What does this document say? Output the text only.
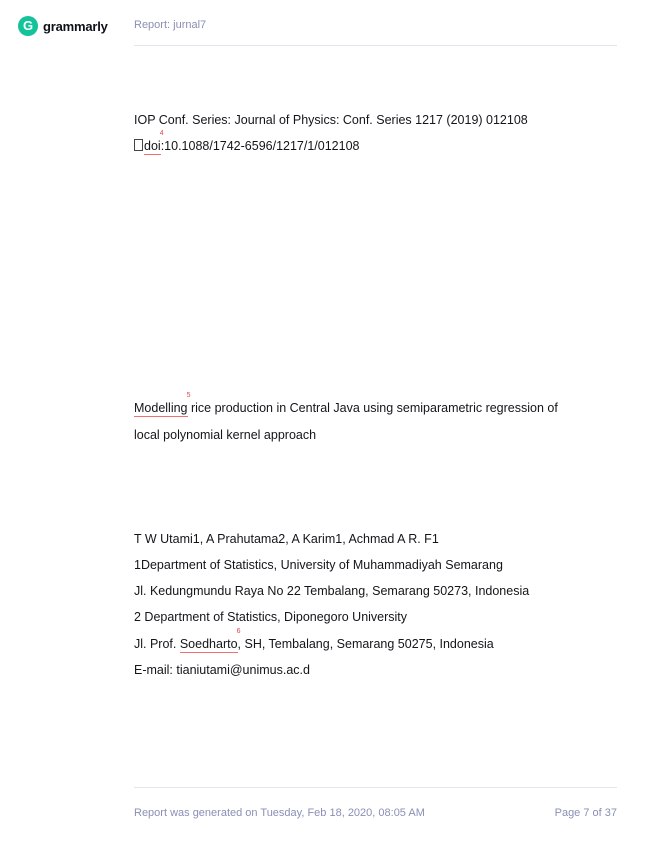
G grammarly Report: jurnal7
IOP Conf. Series: Journal of Physics: Conf. Series 1217 (2019) 012108
doi
4
:10.1088/1742-6596/1217/1/012108
Modelling
5
rice production in Central Java using semiparametric regression of
local polynomial kernel approach
T W Utami1, A Prahutama2, A Karim1, Achmad A R. F1
1Department of Statistics, University of Muhammadiyah Semarang
Jl. Kedungmundu Raya No 22 Tembalang, Semarang 50273, Indonesia
2 Department of Statistics, Diponegoro University
Jl. Prof. Soedharto
6
, SH, Tembalang, Semarang 50275, Indonesia
E-mail: tianiutami@unimus.ac.d
Report was generated on Tuesday, Feb 18, 2020, 08:05 AM	Page 7 of 37
